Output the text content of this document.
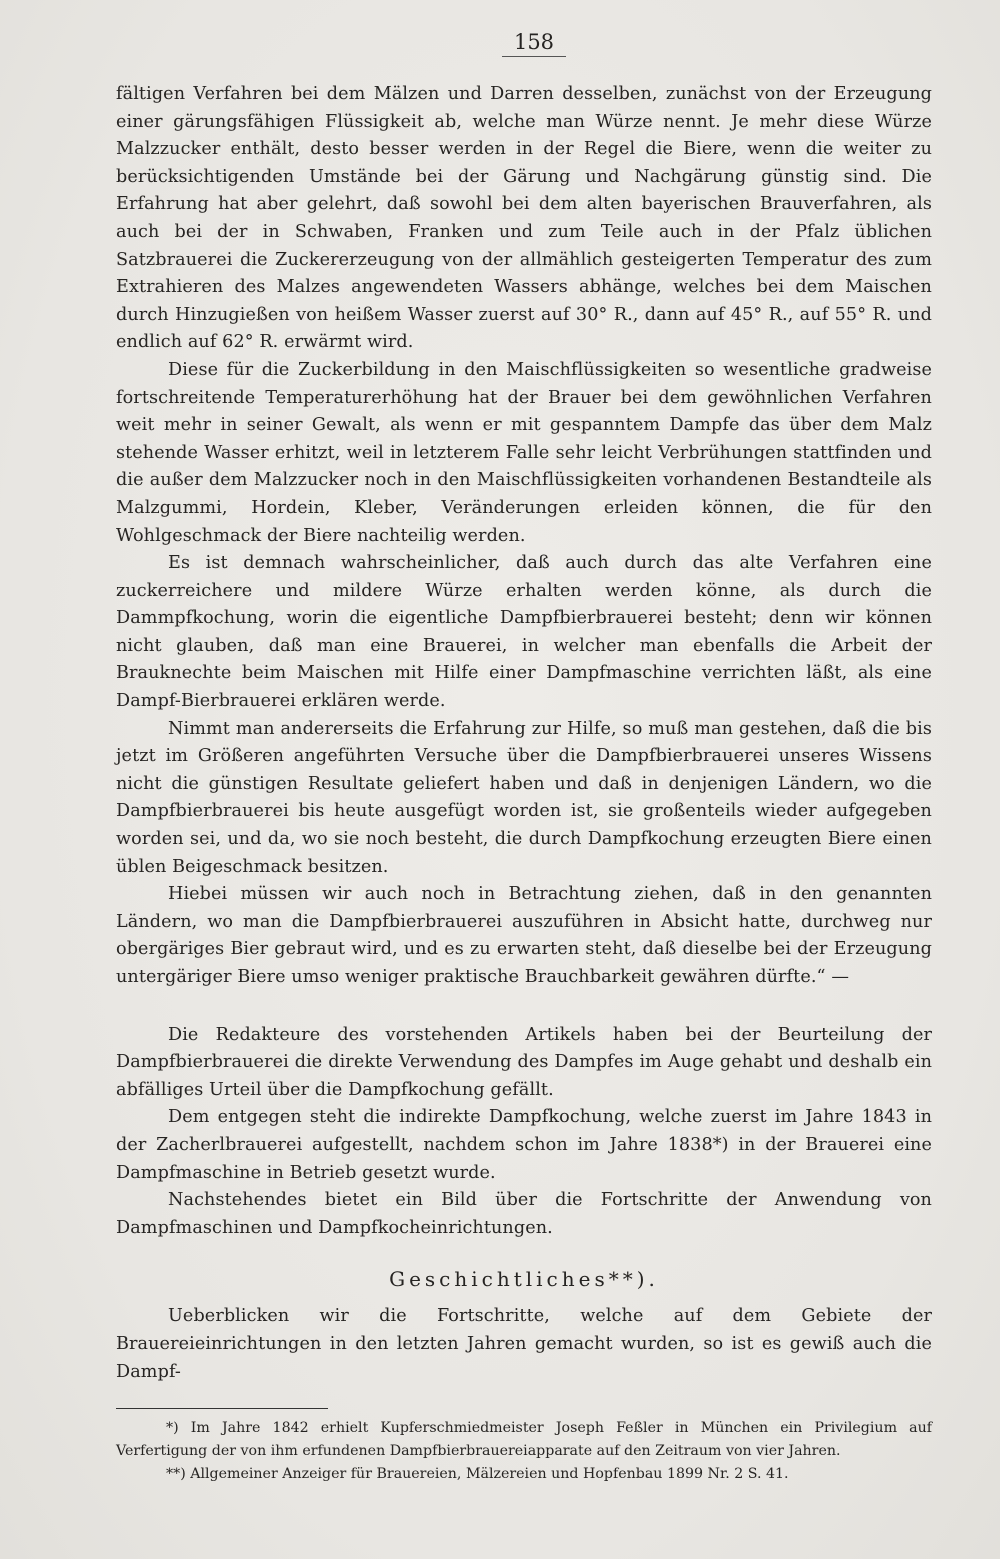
158

fältigen Verfahren bei dem Mälzen und Darren desselben, zunächst von der Erzeugung einer gärungsfähigen Flüssigkeit ab, welche man Würze nennt. Je mehr diese Würze Malzzucker enthält, desto besser werden in der Regel die Biere, wenn die weiter zu berücksichtigenden Umstände bei der Gärung und Nachgärung günstig sind. Die Erfahrung hat aber gelehrt, daß sowohl bei dem alten bayerischen Brauverfahren, als auch bei der in Schwaben, Franken und zum Teile auch in der Pfalz üblichen Satzbrauerei die Zuckererzeugung von der allmählich gesteigerten Temperatur des zum Extrahieren des Malzes angewendeten Wassers abhänge, welches bei dem Maischen durch Hinzugießen von heißem Wasser zuerst auf 30° R., dann auf 45° R., auf 55° R. und endlich auf 62° R. erwärmt wird.

Diese für die Zuckerbildung in den Maischflüssigkeiten so wesentliche gradweise fortschreitende Temperaturerhöhung hat der Brauer bei dem gewöhnlichen Verfahren weit mehr in seiner Gewalt, als wenn er mit gespanntem Dampfe das über dem Malz stehende Wasser erhitzt, weil in letzterem Falle sehr leicht Verbrühungen stattfinden und die außer dem Malzzucker noch in den Maischflüssigkeiten vorhandenen Bestandteile als Malzgummi, Hordein, Kleber, Veränderungen erleiden können, die für den Wohlgeschmack der Biere nachteilig werden.

Es ist demnach wahrscheinlicher, daß auch durch das alte Verfahren eine zuckerreichere und mildere Würze erhalten werden könne, als durch die Dammpfkochung, worin die eigentliche Dampfbierbrauerei besteht; denn wir können nicht glauben, daß man eine Brauerei, in welcher man ebenfalls die Arbeit der Brauknechte beim Maischen mit Hilfe einer Dampfmaschine verrichten läßt, als eine Dampf-Bierbrauerei erklären werde.

Nimmt man andererseits die Erfahrung zur Hilfe, so muß man gestehen, daß die bis jetzt im Größeren angeführten Versuche über die Dampfbierbrauerei unseres Wissens nicht die günstigen Resultate geliefert haben und daß in denjenigen Ländern, wo die Dampfbierbrauerei bis heute ausgefügt worden ist, sie großenteils wieder aufgegeben worden sei, und da, wo sie noch besteht, die durch Dampfkochung erzeugten Biere einen üblen Beigeschmack besitzen.

Hiebei müssen wir auch noch in Betrachtung ziehen, daß in den genannten Ländern, wo man die Dampfbierbrauerei auszuführen in Absicht hatte, durchweg nur obergäriges Bier gebraut wird, und es zu erwarten steht, daß dieselbe bei der Erzeugung untergäriger Biere umso weniger praktische Brauchbarkeit gewähren dürfte.“ —

Die Redakteure des vorstehenden Artikels haben bei der Beurteilung der Dampfbierbrauerei die direkte Verwendung des Dampfes im Auge gehabt und deshalb ein abfälliges Urteil über die Dampfkochung gefällt.

Dem entgegen steht die indirekte Dampfkochung, welche zuerst im Jahre 1843 in der Zacherlbrauerei aufgestellt, nachdem schon im Jahre 1838*) in der Brauerei eine Dampfmaschine in Betrieb gesetzt wurde.

Nachstehendes bietet ein Bild über die Fortschritte der Anwendung von Dampfmaschinen und Dampfkocheinrichtungen.

Geschichtliches**).

Ueberblicken wir die Fortschritte, welche auf dem Gebiete der Brauereieinrichtungen in den letzten Jahren gemacht wurden, so ist es gewiß auch die Dampf-

*) Im Jahre 1842 erhielt Kupferschmiedmeister Joseph Feßler in München ein Privilegium auf Verfertigung der von ihm erfundenen Dampfbierbrauereiapparate auf den Zeitraum von vier Jahren.

**) Allgemeiner Anzeiger für Brauereien, Mälzereien und Hopfenbau 1899 Nr. 2 S. 41.
